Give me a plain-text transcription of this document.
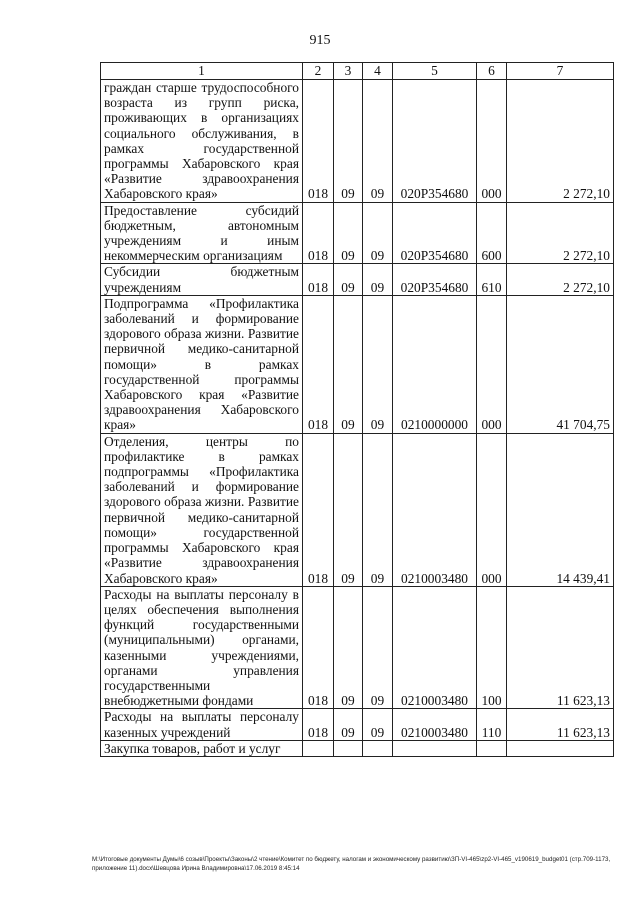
915
1	2	3	4	5	6	7
граждан старше трудоспособного возраста из групп риска, проживающих в организациях социального обслуживания, в рамках государственной программы Хабаровского края «Развитие здравоохранения Хабаровского края»	018	09	09	020Р354680	000	2 272,10
Предоставление субсидий бюджетным, автономным учреждениям и иным некоммерческим организациям	018	09	09	020Р354680	600	2 272,10
Субсидии бюджетным учреждениям	018	09	09	020Р354680	610	2 272,10
Подпрограмма «Профилактика заболеваний и формирование здорового образа жизни. Развитие первичной медико-санитарной помощи» в рамках государственной программы Хабаровского края «Развитие здравоохранения Хабаровского края»	018	09	09	0210000000	000	41 704,75
Отделения, центры по профилактике в рамках подпрограммы «Профилактика заболеваний и формирование здорового образа жизни. Развитие первичной медико-санитарной помощи» государственной программы Хабаровского края «Развитие здравоохранения Хабаровского края»	018	09	09	0210003480	000	14 439,41
Расходы на выплаты персоналу в целях обеспечения выполнения функций государственными (муниципальными) органами, казенными учреждениями, органами управления государственными внебюджетными фондами	018	09	09	0210003480	100	11 623,13
Расходы на выплаты персоналу казенных учреждений	018	09	09	0210003480	110	11 623,13
Закупка товаров, работ и услуг						
M:\Итоговые документы Думы\6 созыв\Проекты\Законы\2 чтение\Комитет по бюджету, налогам и экономическому развитию\ЗП-VI-465\zp2-VI-465_v190619_budget01 (стр.709-1173, приложение 11).docx\Шевцова Ирина Владимировна\17.06.2019 8:45:14
